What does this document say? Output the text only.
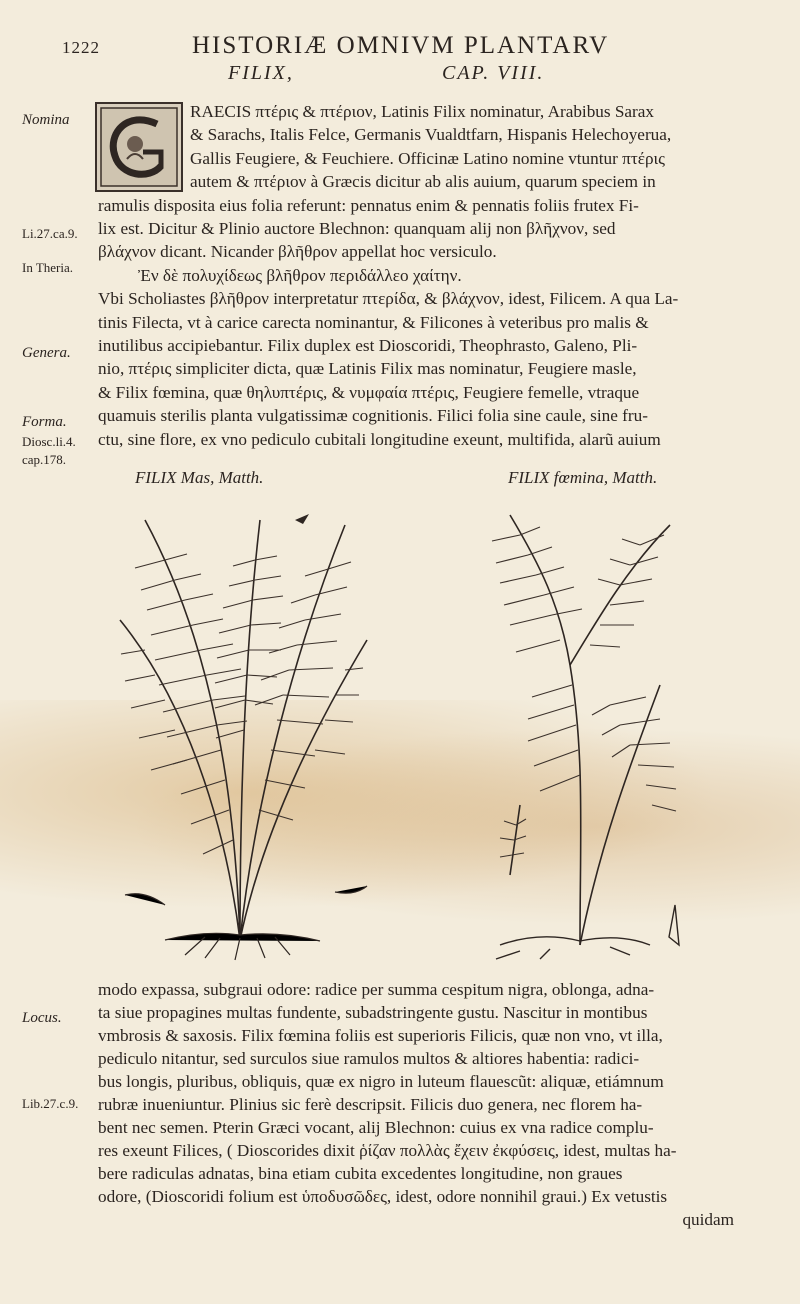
1222	HISTORIÆ OMNIVM PLANTARV
FILIX,	CAP. VIII.
Nomina
Li.27.ca.9.
In Theria.
Genera.
Forma.
Diosc.li.4.
cap.178.
Locus.
Lib.27.c.9.

RAECIS πτέρις & πτέριον, Latinis Filix nominatur, Arabibus Sarax

& Sarachs, Italis Felce, Germanis Vualdtfarn, Hispanis Helechoyerua,

Gallis Feugiere, & Feuchiere. Officinæ Latino nomine vtuntur πτέρις

autem & πτέριον à Græcis dicitur ab alis auium, quarum speciem in

ramulis disposita eius folia referunt: pennatus enim & pennatis foliis frutex Fi-

lix est. Dicitur & Plinio auctore Blechnon: quanquam alij non βλῆχνον, sed

βλάχνον dicant. Nicander βλῆθρον appellat hoc versiculo.

Ἐν δὲ πολυχίδεως βλῆθρον περιδάλλεο χαίτην.

Vbi Scholiastes βλῆθρον interpretatur πτερίδα, & βλάχνον, idest, Filicem. A qua La-

tinis Filecta, vt à carice carecta nominantur, & Filicones à veteribus pro malis &

inutilibus accipiebantur. Filix duplex est Dioscoridi, Theophrasto, Galeno, Pli-

nio, πτέρις simpliciter dicta, quæ Latinis Filix mas nominatur, Feugiere masle,

& Filix fœmina, quæ θηλυπτέρις, & νυμφαία πτέρις, Feugiere femelle, vtraque

quamuis sterilis planta vulgatissimæ cognitionis. Filici folia sine caule, sine fru-

ctu, sine flore, ex vno pediculo cubitali longitudine exeunt, multifida, alarũ auium

FILIX Mas, Matth.	FILIX fœmina, Matth.

modo expassa, subgraui odore: radice per summa cespitum nigra, oblonga, adna-

ta siue propagines multas fundente, subadstringente gustu. Nascitur in montibus

vmbrosis & saxosis. Filix fœmina foliis est superioris Filicis, quæ non vno, vt illa,

pediculo nitantur, sed surculos siue ramulos multos & altiores habentia: radici-

bus longis, pluribus, obliquis, quæ ex nigro in luteum flauescũt: aliquæ, etiámnum

rubræ inueniuntur. Plinius sic ferè descripsit. Filicis duo genera, nec florem ha-

bent nec semen. Pterin Græci vocant, alij Blechnon: cuius ex vna radice complu-

res exeunt Filices, ( Dioscorides dixit ῥίζαν πολλὰς ἔχειν ἐκφύσεις, idest, multas ha-

bere radiculas adnatas, bina etiam cubita excedentes longitudine, non graues

odore, (Dioscoridi folium est ὑποδυσῶδες, idest, odore nonnihil graui.) Ex vetustis

quidam
